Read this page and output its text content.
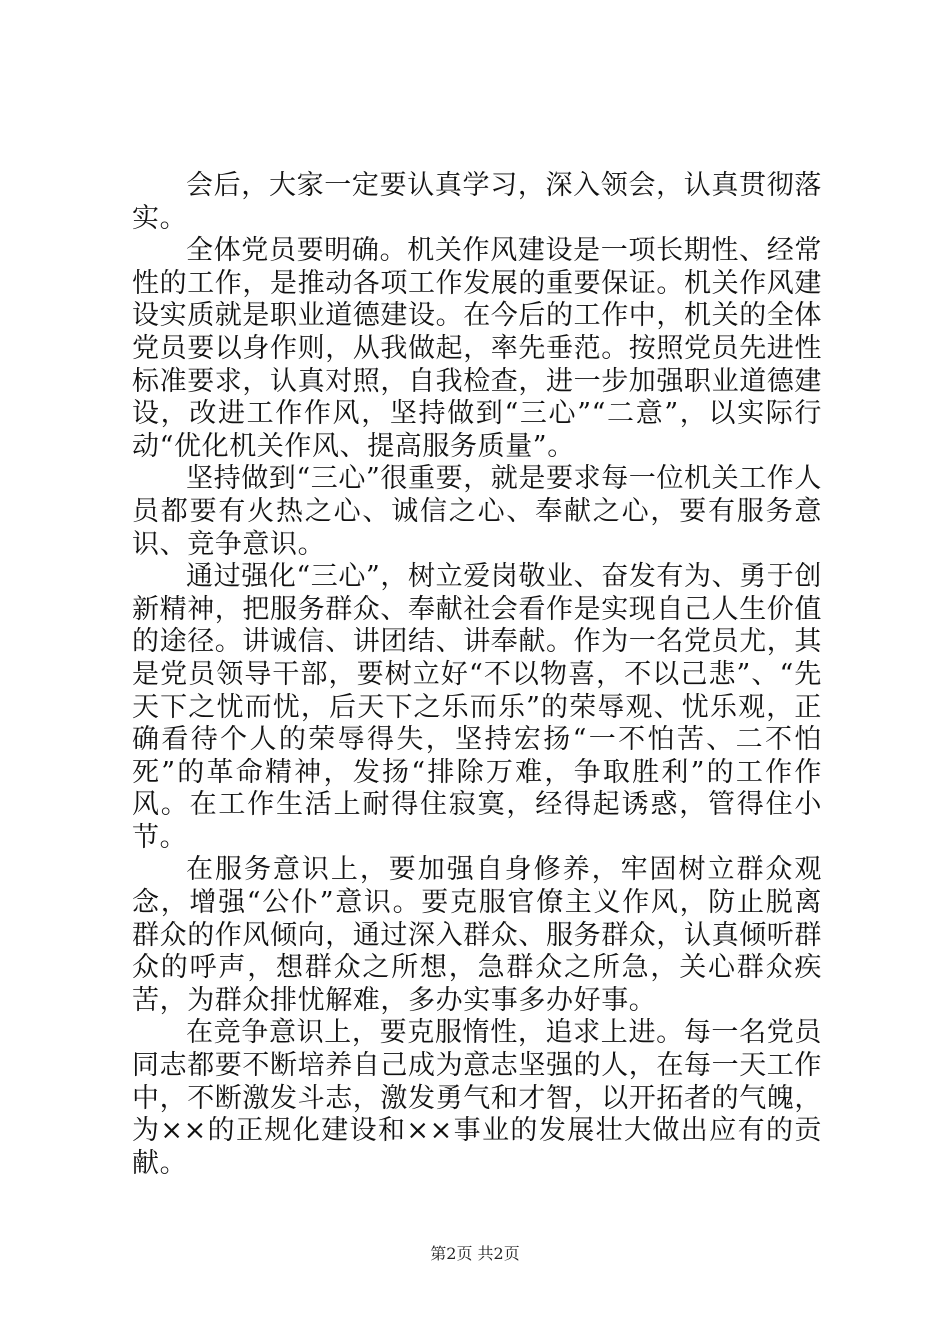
会后，大家一定要认真学习，深入领会，认真贯彻落实。

全体党员要明确。机关作风建设是一项长期性、经常性的工作，是推动各项工作发展的重要保证。机关作风建设实质就是职业道德建设。在今后的工作中，机关的全体党员要以身作则，从我做起，率先垂范。按照党员先进性标准要求，认真对照，自我检查，进一步加强职业道德建设，改进工作作风，坚持做到“三心”“二意”，以实际行动“优化机关作风、提高服务质量”。

坚持做到“三心”很重要，就是要求每一位机关工作人员都要有火热之心、诚信之心、奉献之心，要有服务意识、竞争意识。

通过强化“三心”，树立爱岗敬业、奋发有为、勇于创新精神，把服务群众、奉献社会看作是实现自己人生价值的途径。讲诚信、讲团结、讲奉献。作为一名党员尤，其是党员领导干部，要树立好“不以物喜，不以己悲”、“先天下之忧而忧，后天下之乐而乐”的荣辱观、忧乐观，正确看待个人的荣辱得失，坚持宏扬“一不怕苦、二不怕死”的革命精神，发扬“排除万难，争取胜利”的工作作风。在工作生活上耐得住寂寞，经得起诱惑，管得住小节。

在服务意识上，要加强自身修养，牢固树立群众观念，增强“公仆”意识。要克服官僚主义作风，防止脱离群众的作风倾向，通过深入群众、服务群众，认真倾听群众的呼声，想群众之所想，急群众之所急，关心群众疾苦，为群众排忧解难，多办实事多办好事。

在竞争意识上，要克服惰性，追求上进。每一名党员同志都要不断培养自己成为意志坚强的人，在每一天工作中，不断激发斗志，激发勇气和才智，以开拓者的气魄，为××的正规化建设和××事业的发展壮大做出应有的贡献。

第2页 共2页
